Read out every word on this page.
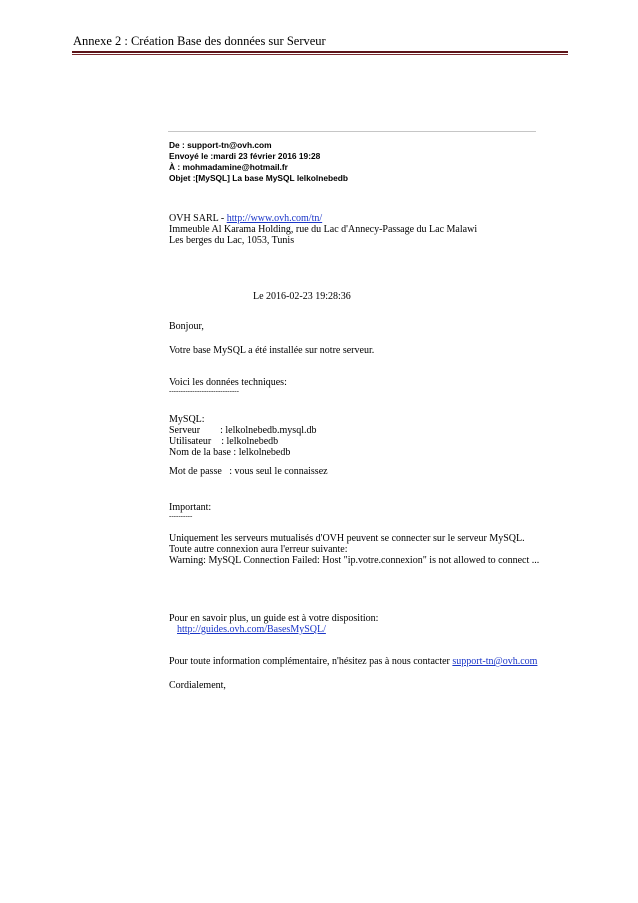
Annexe 2 : Création Base des données sur Serveur
De : support-tn@ovh.com
Envoyé le :mardi 23 février 2016 19:28
À : mohmadamine@hotmail.fr
Objet :[MySQL] La base MySQL lelkolnebedb
OVH SARL - http://www.ovh.com/tn/
Immeuble Al Karama Holding, rue du Lac d'Annecy-Passage du Lac Malawi
Les berges du Lac, 1053, Tunis
Le 2016-02-23 19:28:36
Bonjour,
Votre base MySQL a été installée sur notre serveur.
Voici les données techniques:
------------------------------
MySQL:
Serveur        : lelkolnebedb.mysql.db
Utilisateur    : lelkolnebedb
Nom de la base : lelkolnebedb
Mot de passe   : vous seul le connaissez
Important:
----------
Uniquement les serveurs mutualisés d'OVH peuvent se connecter sur le serveur MySQL.
Toute autre connexion aura l'erreur suivante:
Warning: MySQL Connection Failed: Host "ip.votre.connexion" is not allowed to connect ...
Pour en savoir plus, un guide est à votre disposition:
http://guides.ovh.com/BasesMySQL/
Pour toute information complémentaire, n'hésitez pas à nous contacter support-tn@ovh.com
Cordialement,
